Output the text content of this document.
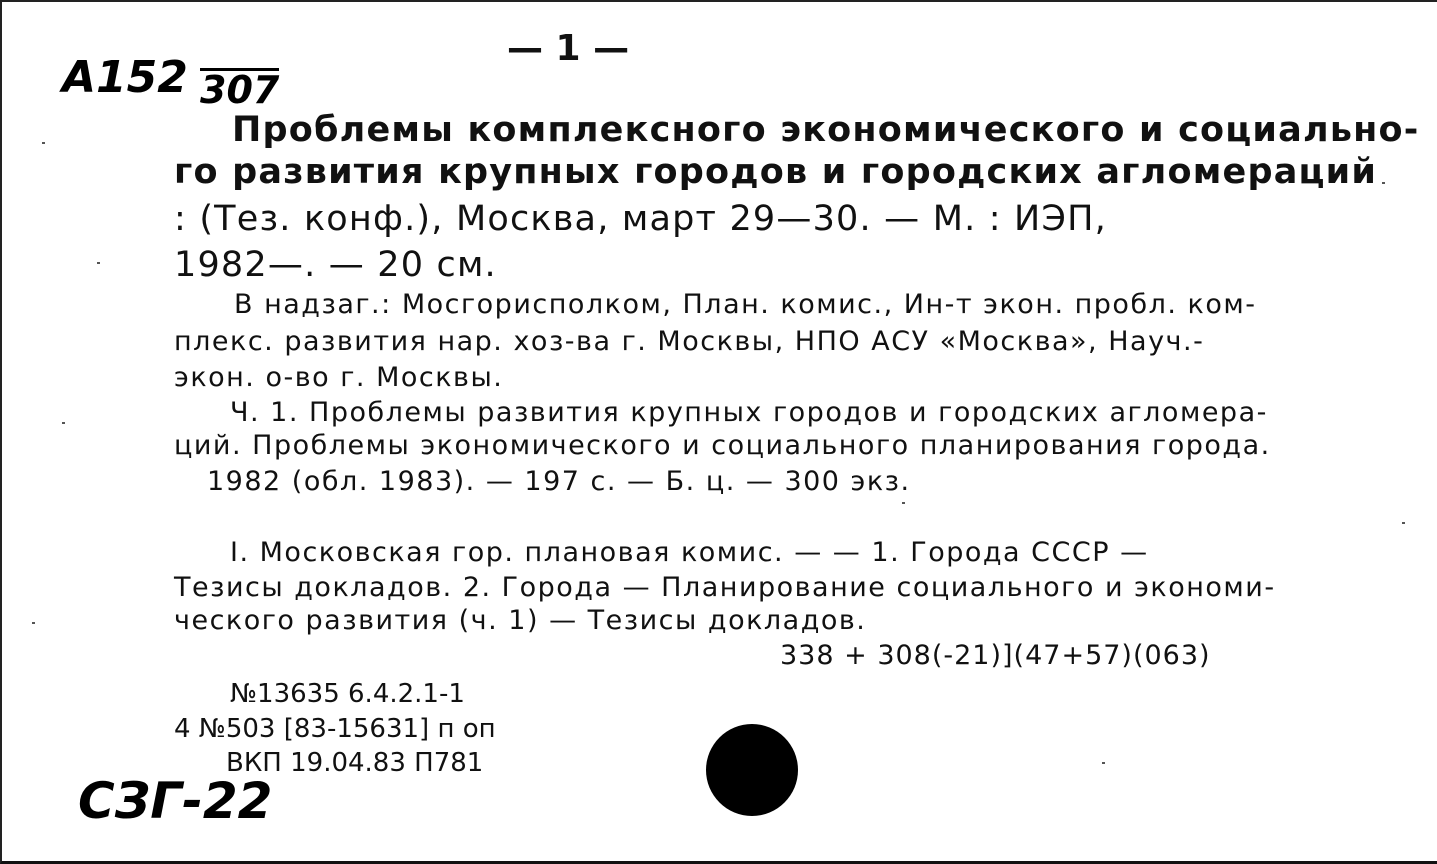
A152 307
СЗГ-22
— 1 —
Проблемы комплексного экономического и социально-
го развития крупных городов и городских агломераций
: (Тез. конф.), Москва, март 29—30. — М. : ИЭП,
1982—. — 20 см.
В надзаг.: Мосгорисполком, План. комис., Ин-т экон. пробл. ком-
плекс. развития нар. хоз-ва г. Москвы, НПО АСУ «Москва», Науч.-
экон. о-во г. Москвы.
Ч. 1. Проблемы развития крупных городов и городских агломера-
ций. Проблемы экономического и социального планирования города.
1982 (обл. 1983). — 197 с. — Б. ц. — 300 экз.
I. Московская гор. плановая комис. — — 1. Города СССР —
Тезисы докладов. 2. Города — Планирование социального и экономи-
ческого развития (ч. 1) — Тезисы докладов.
338 + 308(-21)](47+57)(063)
№13635 6.4.2.1-1
4 №503 [83-15631] п оп
ВКП 19.04.83 П781
